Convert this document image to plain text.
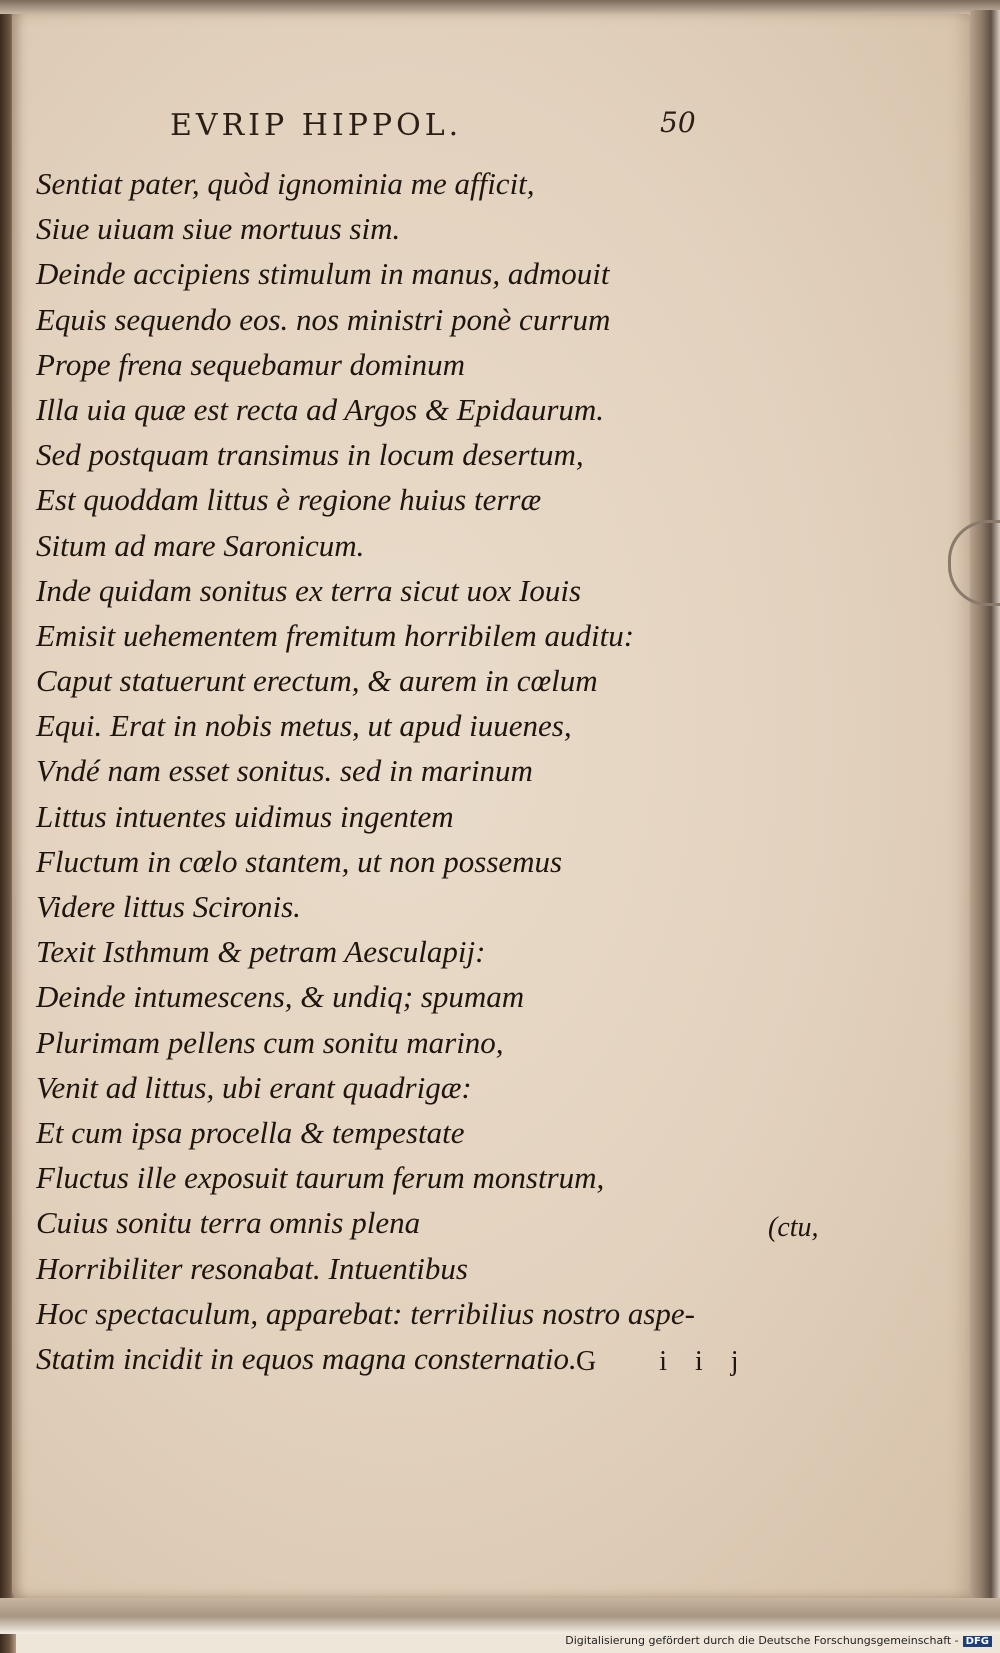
EVRIP HIPPOL.	50
Sentiat pater, quòd ignominia me afficit,
Siue uiuam siue mortuus sim.
Deinde accipiens stimulum in manus, admouit
Equis sequendo eos. nos ministri ponè currum
Prope frena sequebamur dominum
Illa uia quæ est recta ad Argos & Epidaurum.
Sed postquam transimus in locum desertum,
Est quoddam littus è regione huius terræ
Situm ad mare Saronicum.
Inde quidam sonitus ex terra sicut uox Iouis
Emisit uehementem fremitum horribilem auditu:
Caput statuerunt erectum, & aurem in cœlum
Equi. Erat in nobis metus, ut apud iuuenes,
Vndé nam esset sonitus. sed in marinum
Littus intuentes uidimus ingentem
Fluctum in cœlo stantem, ut non possemus
Videre littus Scironis.
Texit Isthmum & petram Aesculapij:
Deinde intumescens, & undiq; spumam
Plurimam pellens cum sonitu marino,
Venit ad littus, ubi erant quadrigæ:
Et cum ipsa procella & tempestate
Fluctus ille exposuit taurum ferum monstrum,
Cuius sonitu terra omnis plena
Horribiliter resonabat. Intuentibus
Hoc spectaculum, apparebat: terribilius nostro aspe-
Statim incidit in equos magna consternatio.
(ctu,
G iij
Digitalisierung gefördert durch die Deutsche Forschungsgemeinschaft - DFG
